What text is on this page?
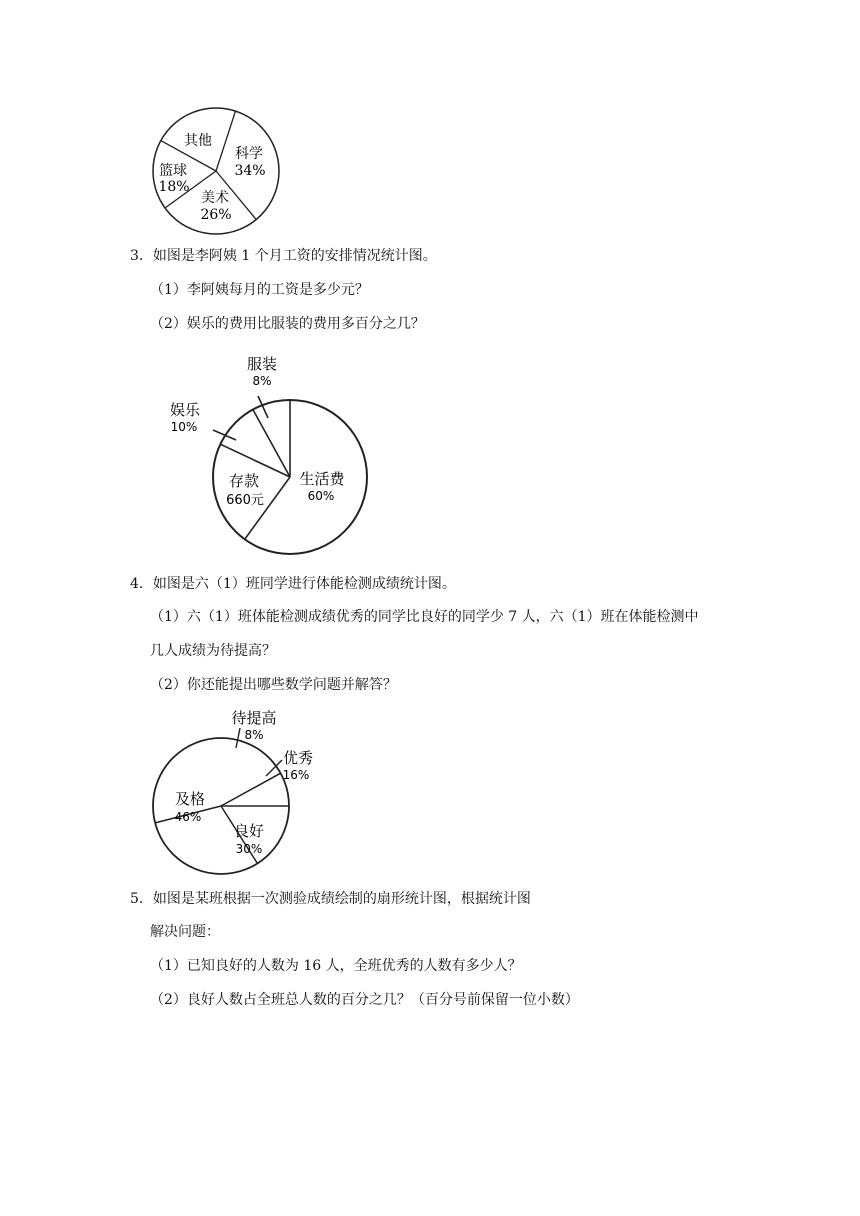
其他
科学
34%
篮球
18%
美术
26%
3．如图是李阿姨 1 个月工资的安排情况统计图。
（1）李阿姨每月的工资是多少元？
（2）娱乐的费用比服装的费用多百分之几？
服装
8%
娱乐
10%
存款
660元
生活费
60%
4．如图是六（1）班同学进行体能检测成绩统计图。
（1）六（1）班体能检测成绩优秀的同学比良好的同学少 7 人，六（1）班在体能检测中
几人成绩为待提高？
（2）你还能提出哪些数学问题并解答？
待提高
8%
优秀
16%
及格
46%
良好
30%
5．如图是某班根据一次测验成绩绘制的扇形统计图，根据统计图
解决问题：
（1）已知良好的人数为 16 人，全班优秀的人数有多少人？
（2）良好人数占全班总人数的百分之几？（百分号前保留一位小数）
